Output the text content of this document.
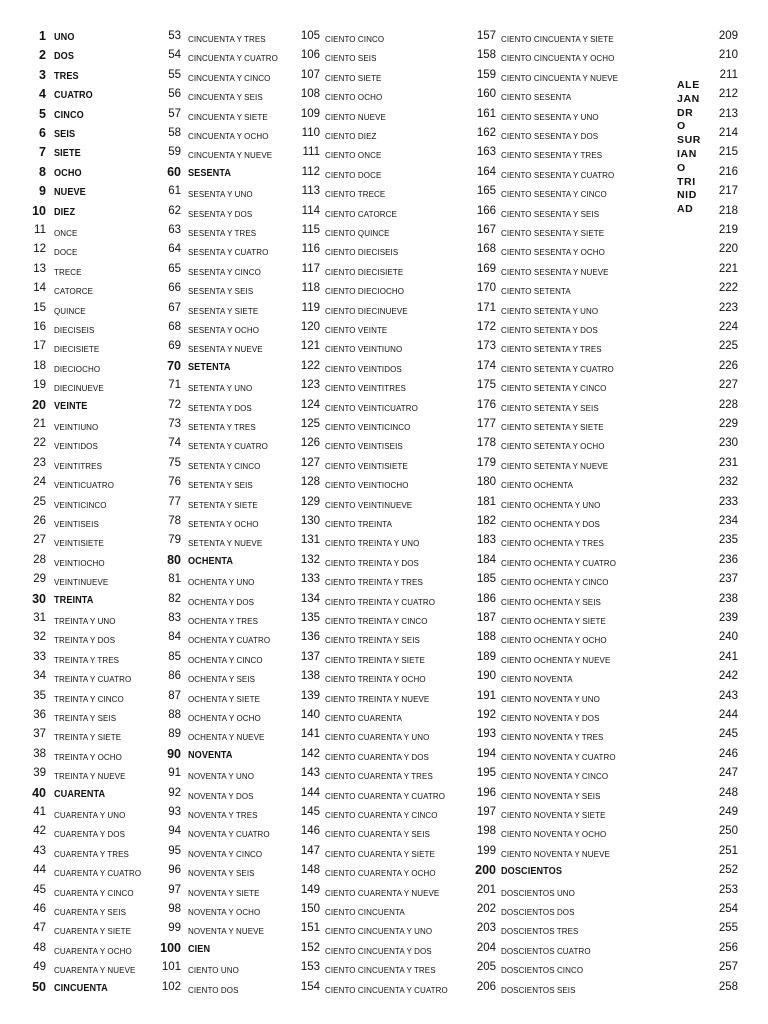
1 UNO
2 DOS
3 TRES
4 CUATRO
5 CINCO
6 SEIS
7 SIETE
8 OCHO
9 NUEVE
10 DIEZ
11 ONCE
12 DOCE
13 TRECE
14 CATORCE
15 QUINCE
16 DIECISEIS
17 DIECISIETE
18 DIECIOCHO
19 DIECINUEVE
20 VEINTE
21 VEINTIUNO
22 VEINTIDOS
23 VEINTITRES
24 VEINTICUATRO
25 VEINTICINCO
26 VEINTISEIS
27 VEINTISIETE
28 VEINTIOCHO
29 VEINTINUEVE
30 TREINTA
31 TREINTA Y UNO
32 TREINTA Y DOS
33 TREINTA Y TRES
34 TREINTA Y CUATRO
35 TREINTA Y CINCO
36 TREINTA Y SEIS
37 TREINTA Y SIETE
38 TREINTA Y OCHO
39 TREINTA Y NUEVE
40 CUARENTA
41 CUARENTA Y UNO
42 CUARENTA Y DOS
43 CUARENTA Y TRES
44 CUARENTA Y CUATRO
45 CUARENTA Y CINCO
46 CUARENTA Y SEIS
47 CUARENTA Y SIETE
48 CUARENTA Y OCHO
49 CUARENTA Y NUEVE
50 CINCUENTA
53 CINCUENTA Y TRES
54 CINCUENTA Y CUATRO
55 CINCUENTA Y CINCO
56 CINCUENTA Y SEIS
57 CINCUENTA Y SIETE
58 CINCUENTA Y OCHO
59 CINCUENTA Y NUEVE
60 SESENTA
61 SESENTA Y UNO
62 SESENTA Y DOS
63 SESENTA Y TRES
64 SESENTA Y CUATRO
65 SESENTA Y CINCO
66 SESENTA Y SEIS
67 SESENTA Y SIETE
68 SESENTA Y OCHO
69 SESENTA Y NUEVE
70 SETENTA
71 SETENTA Y UNO
72 SETENTA Y DOS
73 SETENTA Y TRES
74 SETENTA Y CUATRO
75 SETENTA Y CINCO
76 SETENTA Y SEIS
77 SETENTA Y SIETE
78 SETENTA Y OCHO
79 SETENTA Y NUEVE
80 OCHENTA
81 OCHENTA Y UNO
82 OCHENTA Y DOS
83 OCHENTA Y TRES
84 OCHENTA Y CUATRO
85 OCHENTA Y CINCO
86 OCHENTA Y SEIS
87 OCHENTA Y SIETE
88 OCHENTA Y OCHO
89 OCHENTA Y NUEVE
90 NOVENTA
91 NOVENTA Y UNO
92 NOVENTA Y DOS
93 NOVENTA Y TRES
94 NOVENTA Y CUATRO
95 NOVENTA Y CINCO
96 NOVENTA Y SEIS
97 NOVENTA Y SIETE
98 NOVENTA Y OCHO
99 NOVENTA Y NUEVE
100 CIEN
101 CIENTO UNO
102 CIENTO DOS
105 CIENTO CINCO
106 CIENTO SEIS
107 CIENTO SIETE
108 CIENTO OCHO
109 CIENTO NUEVE
110 CIENTO DIEZ
111 CIENTO ONCE
112 CIENTO DOCE
113 CIENTO TRECE
114 CIENTO CATORCE
115 CIENTO QUINCE
116 CIENTO DIECISEIS
117 CIENTO DIECISIETE
118 CIENTO DIECIOCHO
119 CIENTO DIECINUEVE
120 CIENTO VEINTE
121 CIENTO VEINTIUNO
122 CIENTO VEINTIDOS
123 CIENTO VEINTITRES
124 CIENTO VEINTICUATRO
125 CIENTO VEINTICINCO
126 CIENTO VEINTISEIS
127 CIENTO VEINTISIETE
128 CIENTO VEINTIOCHO
129 CIENTO VEINTINUEVE
130 CIENTO TREINTA
131 CIENTO TREINTA Y UNO
132 CIENTO TREINTA Y DOS
133 CIENTO TREINTA Y TRES
134 CIENTO TREINTA Y CUATRO
135 CIENTO TREINTA Y CINCO
136 CIENTO TREINTA Y SEIS
137 CIENTO TREINTA Y SIETE
138 CIENTO TREINTA Y OCHO
139 CIENTO TREINTA Y NUEVE
140 CIENTO CUARENTA
141 CIENTO CUARENTA Y UNO
142 CIENTO CUARENTA Y DOS
143 CIENTO CUARENTA Y TRES
144 CIENTO CUARENTA Y CUATRO
145 CIENTO CUARENTA Y CINCO
146 CIENTO CUARENTA Y SEIS
147 CIENTO CUARENTA Y SIETE
148 CIENTO CUARENTA Y OCHO
149 CIENTO CUARENTA Y NUEVE
150 CIENTO CINCUENTA
151 CIENTO CINCUENTA Y UNO
152 CIENTO CINCUENTA Y DOS
153 CIENTO CINCUENTA Y TRES
154 CIENTO CINCUENTA Y CUATRO
157 CIENTO CINCUENTA Y SIETE
158 CIENTO CINCUENTA Y OCHO
159 CIENTO CINCUENTA Y NUEVE
160 CIENTO SESENTA
161 CIENTO SESENTA Y UNO
162 CIENTO SESENTA Y DOS
163 CIENTO SESENTA Y TRES
164 CIENTO SESENTA Y CUATRO
165 CIENTO SESENTA Y CINCO
166 CIENTO SESENTA Y SEIS
167 CIENTO SESENTA Y SIETE
168 CIENTO SESENTA Y OCHO
169 CIENTO SESENTA Y NUEVE
170 CIENTO SETENTA
171 CIENTO SETENTA Y UNO
172 CIENTO SETENTA Y DOS
173 CIENTO SETENTA Y TRES
174 CIENTO SETENTA Y CUATRO
175 CIENTO SETENTA Y CINCO
176 CIENTO SETENTA Y SEIS
177 CIENTO SETENTA Y SIETE
178 CIENTO SETENTA Y OCHO
179 CIENTO SETENTA Y NUEVE
180 CIENTO OCHENTA
181 CIENTO OCHENTA Y UNO
182 CIENTO OCHENTA Y DOS
183 CIENTO OCHENTA Y TRES
184 CIENTO OCHENTA Y CUATRO
185 CIENTO OCHENTA Y CINCO
186 CIENTO OCHENTA Y SEIS
187 CIENTO OCHENTA Y SIETE
188 CIENTO OCHENTA Y OCHO
189 CIENTO OCHENTA Y NUEVE
190 CIENTO NOVENTA
191 CIENTO NOVENTA Y UNO
192 CIENTO NOVENTA Y DOS
193 CIENTO NOVENTA Y TRES
194 CIENTO NOVENTA Y CUATRO
195 CIENTO NOVENTA Y CINCO
196 CIENTO NOVENTA Y SEIS
197 CIENTO NOVENTA Y SIETE
198 CIENTO NOVENTA Y OCHO
199 CIENTO NOVENTA Y NUEVE
200 DOSCIENTOS
201 DOSCIENTOS UNO
202 DOSCIENTOS DOS
203 DOSCIENTOS TRES
204 DOSCIENTOS CUATRO
205 DOSCIENTOS CINCO
206 DOSCIENTOS SEIS
209
210
211
212
213
214
215
216
217
218
219
220
221
222
223
224
225
226
227
228
229
230
231
232
233
234
235
236
237
238
239
240
241
242
243
244
245
246
247
248
249
250
251
252
253
254
255
256
257
258
ALE
JAN
DR
O
SUR
IAN
O
TRI
NID
AD
